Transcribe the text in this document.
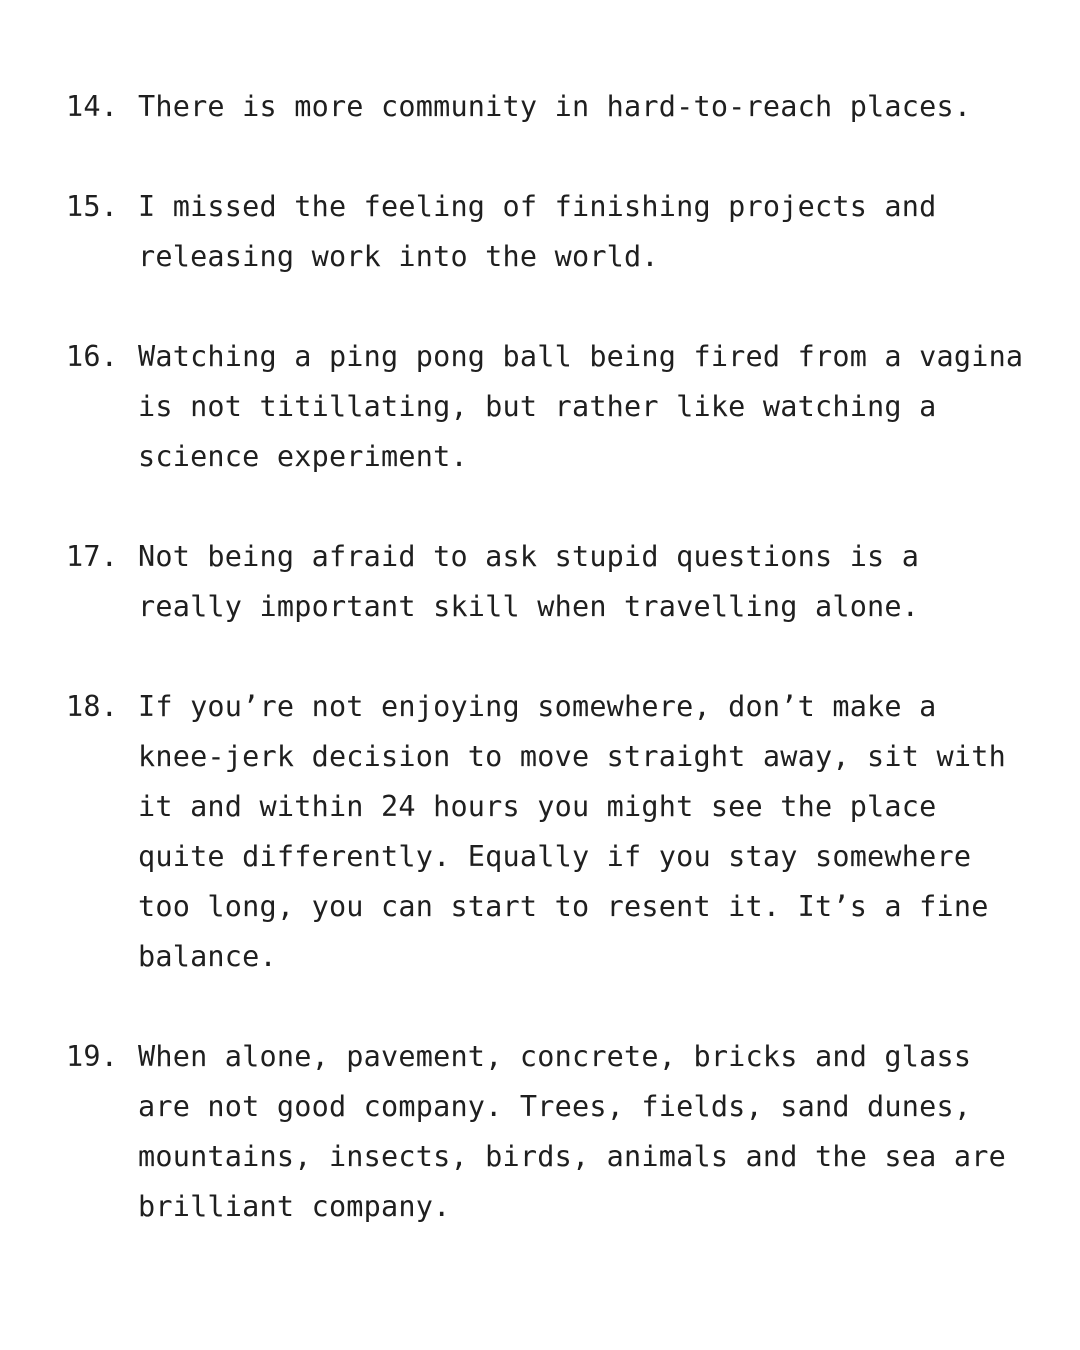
14. There is more community in hard-to-reach places.
15. I missed the feeling of finishing projects and releasing work into the world.
16. Watching a ping pong ball being fired from a vagina is not titillating, but rather like watching a science experiment.
17. Not being afraid to ask stupid questions is a really important skill when travelling alone.
18. If you’re not enjoying somewhere, don’t make a knee-jerk decision to move straight away, sit with it and within 24 hours you might see the place quite differently. Equally if you stay somewhere too long, you can start to resent it. It’s a fine balance.
19. When alone, pavement, concrete, bricks and glass are not good company. Trees, fields, sand dunes, mountains, insects, birds, animals and the sea are brilliant company.
